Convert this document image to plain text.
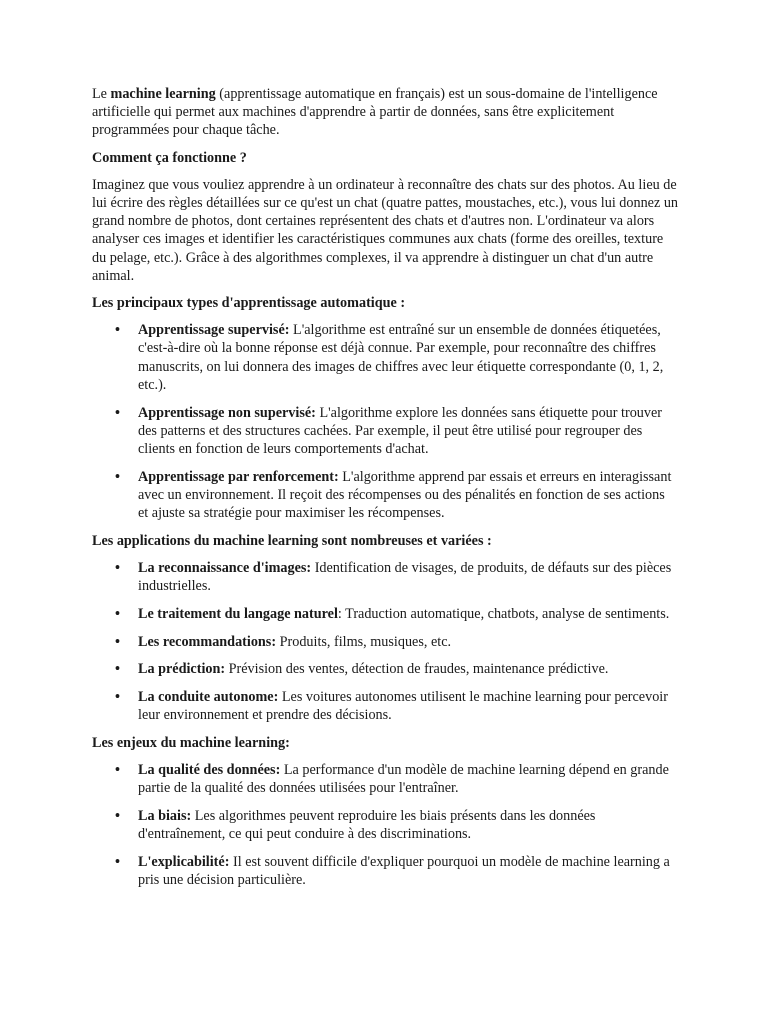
Le machine learning (apprentissage automatique en français) est un sous-domaine de l'intelligence artificielle qui permet aux machines d'apprendre à partir de données, sans être explicitement programmées pour chaque tâche.

Comment ça fonctionne ?

Imaginez que vous vouliez apprendre à un ordinateur à reconnaître des chats sur des photos. Au lieu de lui écrire des règles détaillées sur ce qu'est un chat (quatre pattes, moustaches, etc.), vous lui donnez un grand nombre de photos, dont certaines représentent des chats et d'autres non. L'ordinateur va alors analyser ces images et identifier les caractéristiques communes aux chats (forme des oreilles, texture du pelage, etc.). Grâce à des algorithmes complexes, il va apprendre à distinguer un chat d'un autre animal.

Les principaux types d'apprentissage automatique :
• Apprentissage supervisé: L'algorithme est entraîné sur un ensemble de données étiquetées, c'est-à-dire où la bonne réponse est déjà connue. Par exemple, pour reconnaître des chiffres manuscrits, on lui donnera des images de chiffres avec leur étiquette correspondante (0, 1, 2, etc.).
• Apprentissage non supervisé: L'algorithme explore les données sans étiquette pour trouver des patterns et des structures cachées. Par exemple, il peut être utilisé pour regrouper des clients en fonction de leurs comportements d'achat.
• Apprentissage par renforcement: L'algorithme apprend par essais et erreurs en interagissant avec un environnement. Il reçoit des récompenses ou des pénalités en fonction de ses actions et ajuste sa stratégie pour maximiser les récompenses.
Les applications du machine learning sont nombreuses et variées :
• La reconnaissance d'images: Identification de visages, de produits, de défauts sur des pièces industrielles.
• Le traitement du langage naturel: Traduction automatique, chatbots, analyse de sentiments.
• Les recommandations: Produits, films, musiques, etc.
• La prédiction: Prévision des ventes, détection de fraudes, maintenance prédictive.
• La conduite autonome: Les voitures autonomes utilisent le machine learning pour percevoir leur environnement et prendre des décisions.
Les enjeux du machine learning:
• La qualité des données: La performance d'un modèle de machine learning dépend en grande partie de la qualité des données utilisées pour l'entraîner.
• La biais: Les algorithmes peuvent reproduire les biais présents dans les données d'entraînement, ce qui peut conduire à des discriminations.
• L'explicabilité: Il est souvent difficile d'expliquer pourquoi un modèle de machine learning a pris une décision particulière.
